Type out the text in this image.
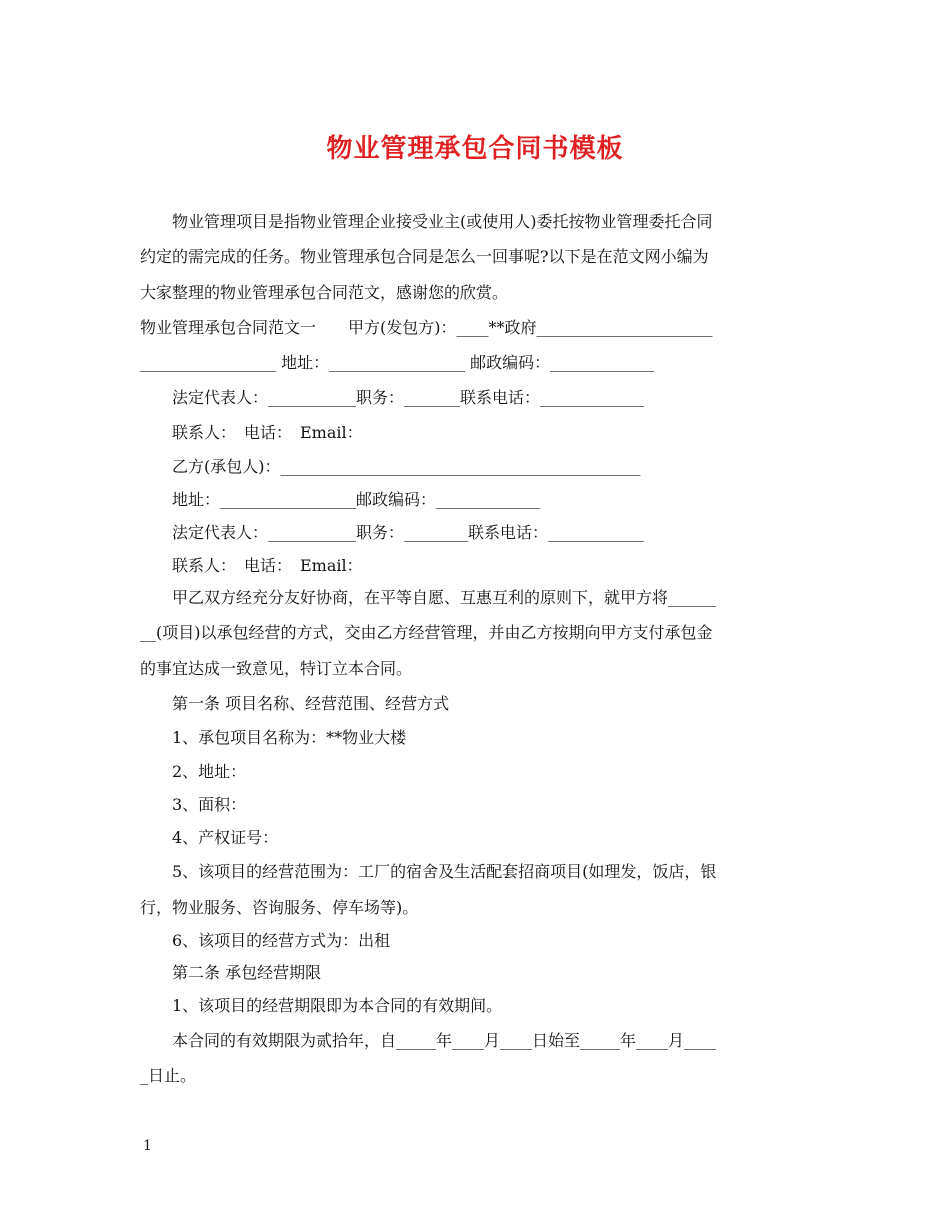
物业管理承包合同书模板
　　物业管理项目是指物业管理企业接受业主(或使用人)委托按物业管理委托合同
约定的需完成的任务。物业管理承包合同是怎么一回事呢?以下是在范文网小编为
大家整理的物业管理承包合同范文，感谢您的欣赏。
物业管理承包合同范文一　　甲方(发包方)：____**政府______________________
_________________ 地址：_________________ 邮政编码：_____________
　　法定代表人：___________职务：_______联系电话：_____________
　　联系人：　电话：　Email：
　　乙方(承包人)：_____________________________________________
　　地址：_________________邮政编码：_____________
　　法定代表人：___________职务：________联系电话：____________
　　联系人：　电话：　Email：
　　甲乙双方经充分友好协商，在平等自愿、互惠互利的原则下，就甲方将______
__(项目)以承包经营的方式，交由乙方经营管理，并由乙方按期向甲方支付承包金
的事宜达成一致意见，特订立本合同。
　　第一条 项目名称、经营范围、经营方式
　　1、承包项目名称为：**物业大楼
　　2、地址：
　　3、面积：
　　4、产权证号：
　　5、该项目的经营范围为：工厂的宿舍及生活配套招商项目(如理发，饭店，银
行，物业服务、咨询服务、停车场等)。
　　6、该项目的经营方式为：出租
　　第二条 承包经营期限
　　1、该项目的经营期限即为本合同的有效期间。
　　本合同的有效期限为贰拾年，自_____年____月____日始至_____年____月____
_日止。
1
